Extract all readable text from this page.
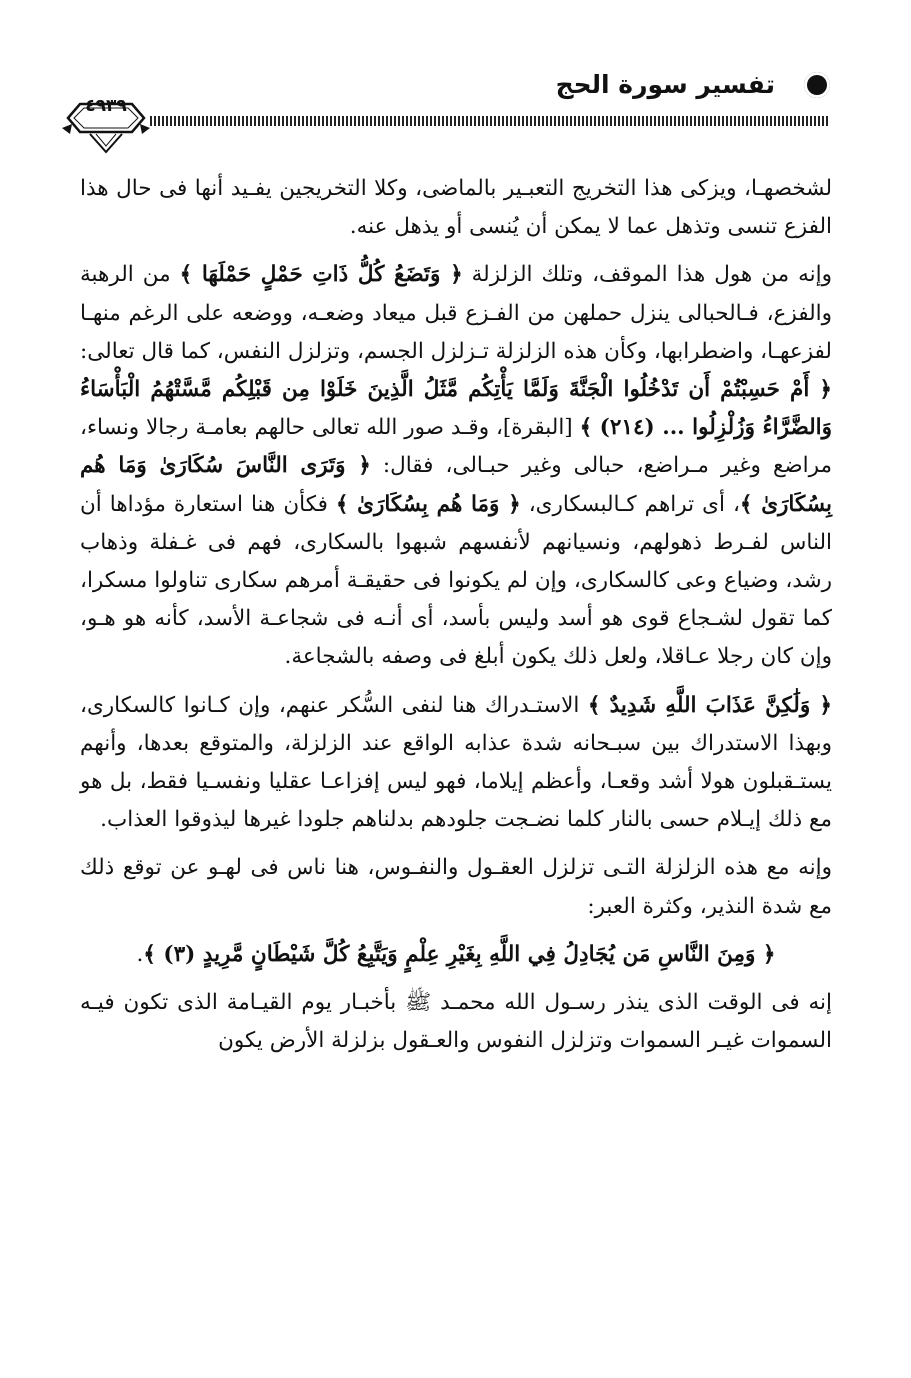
تفسير سورة الحج
٤٩٣٩

لشخصهـا، ويزكى هذا التخريج التعبـير بالماضى، وكلا التخريجين يفـيد أنها فى حال هذا الفزع تنسى وتذهل عما لا يمكن أن يُنسى أو يذهل عنه.

وإنه من هول هذا الموقف، وتلك الزلزلة ﴿ وَتَضَعُ كُلُّ ذَاتِ حَمْلٍ حَمْلَهَا ﴾ من الرهبة والفزع، فـالحبالى ينزل حملهن من الفـزع قبل ميعاد وضعـه، ووضعه على الرغم منهـا لفزعهـا، واضطرابها، وكأن هذه الزلزلة تـزلزل الجسم، وتزلزل النفس، كما قال تعالى: ﴿ أَمْ حَسِبْتُمْ أَن تَدْخُلُوا الْجَنَّةَ وَلَمَّا يَأْتِكُم مَّثَلُ الَّذِينَ خَلَوْا مِن قَبْلِكُم مَّسَّتْهُمُ الْبَأْسَاءُ وَالضَّرَّاءُ وَزُلْزِلُوا ... (٢١٤) ﴾ [البقرة]، وقـد صور الله تعالى حالهم بعامـة رجالا ونساء، مراضع وغير مـراضع، حبالى وغير حبـالى، فقال: ﴿ وَتَرَى النَّاسَ سُكَارَىٰ وَمَا هُم بِسُكَارَىٰ ﴾، أى تراهم كـالبسكارى، ﴿ وَمَا هُم بِسُكَارَىٰ ﴾ فكأن هنا استعارة مؤداها أن الناس لفـرط ذهولهم، ونسيانهم لأنفسهم شبهوا بالسكارى، فهم فى غـفلة وذهاب رشد، وضياع وعى كالسكارى، وإن لم يكونوا فى حقيقـة أمرهم سكارى تناولوا مسكرا، كما تقول لشـجاع قوى هو أسد وليس بأسد، أى أنـه فى شجاعـة الأسد، كأنه هو هـو، وإن كان رجلا عـاقلا، ولعل ذلك يكون أبلغ فى وصفه بالشجاعة.

﴿ وَلَٰكِنَّ عَذَابَ اللَّهِ شَدِيدٌ ﴾ الاستـدراك هنا لنفى السُّكر عنهم، وإن كـانوا كالسكارى، وبهذا الاستدراك بين سبـحانه شدة عذابه الواقع عند الزلزلة، والمتوقع بعدها، وأنهم يستـقبلون هولا أشد وقعـا، وأعظم إيلاما، فهو ليس إفزاعـا عقليا ونفسـيا فقط، بل هو مع ذلك إيـلام حسى بالنار كلما نضـجت جلودهم بدلناهم جلودا غيرها ليذوقوا العذاب.

وإنه مع هذه الزلزلة التـى تزلزل العقـول والنفـوس، هنا ناس فى لهـو عن توقع ذلك مع شدة النذير، وكثرة العبر:

﴿ وَمِنَ النَّاسِ مَن يُجَادِلُ فِي اللَّهِ بِغَيْرِ عِلْمٍ وَيَتَّبِعُ كُلَّ شَيْطَانٍ مَّرِيدٍ (٣) ﴾.

إنه فى الوقت الذى ينذر رسـول الله محمـد ﷺ بأخبـار يوم القيـامة الذى تكون فيـه السموات غيـر السموات وتزلزل النفوس والعـقول بزلزلة الأرض يكون
